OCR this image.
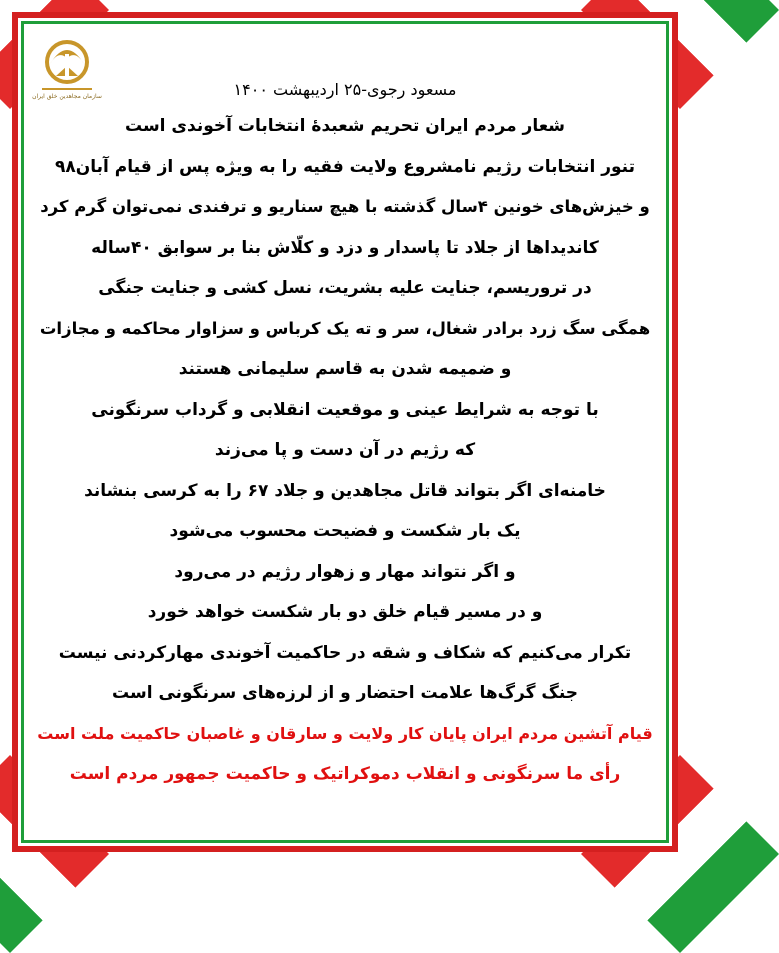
سازمان مجاهدین خلق ایران	مسعود رجوی-۲۵ اردیبهشت ۱۴۰۰
شعار مردم ایران تحریم شعبدهٔ انتخابات آخوندی است
تنور انتخابات رژیم نامشروع ولایت فقیه را به ویژه پس از قیام آبان۹۸
و خیزش‌های خونین ۴سال گذشته با هیچ سناریو و ترفندی نمی‌توان گرم کرد
کاندیداها از جلاد تا پاسدار و دزد و کلّاش بنا بر سوابق ۴۰ساله
در تروریسم، جنایت علیه بشریت، نسل کشی و جنایت جنگی
همگی سگ زرد برادر شغال، سر و ته یک کرباس و سزاوار محاکمه و مجازات
و ضمیمه شدن به قاسم سلیمانی هستند
با توجه به شرایط عینی و موقعیت انقلابی و گرداب سرنگونی
که رژیم در آن دست و پا می‌زند
خامنه‌ای اگر بتواند قاتل مجاهدین و جلاد ۶۷ را به کرسی بنشاند
یک بار شکست و فضیحت محسوب می‌شود
و اگر نتواند مهار و زهوار رژیم در می‌رود
و در مسیر قیام خلق دو بار شکست خواهد خورد
تکرار می‌کنیم که شکاف و شقه در حاکمیت آخوندی مهارکردنی نیست
جنگ گرگ‌ها علامت احتضار و از لرزه‌های سرنگونی است
قیام آتشین مردم ایران پایان کار ولایت و سارقان و غاصبان حاکمیت ملت است
رأی ما سرنگونی و انقلاب دموکراتیک و حاکمیت جمهور مردم است
